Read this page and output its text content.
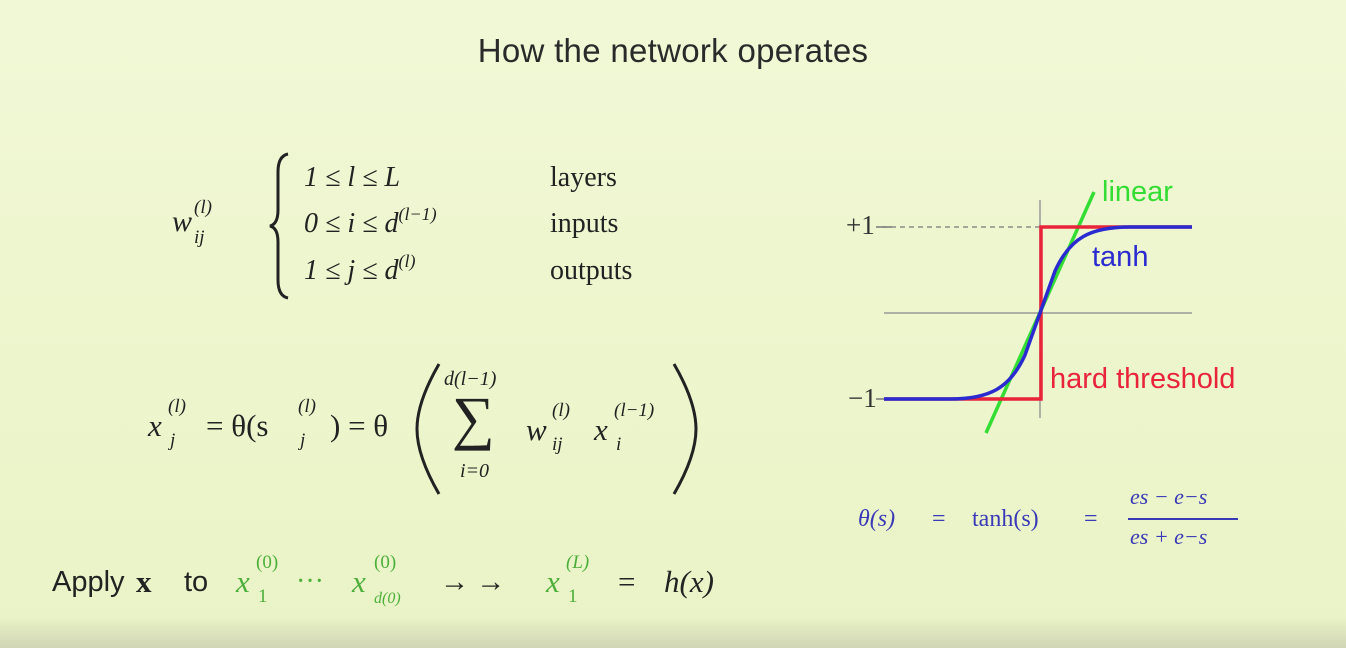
How the network operates
w (l)
ij
1 ≤ l ≤ L	layers
$0 \le i \le d^{(l-1)}$	inputs
$1 \le j \le d^{(l)}$	outputs
x
(l)
j = θ(s
(l)
j ) = θ
d(l−1)
∑
i=0
w
(l)
ij x
(l−1)
i
Apply x to x
(0)
1 ··· x
(0)
d(0)
→ → x
(L)
1 = h(x)
+1
−1
linear
tanh
hard threshold
θ(s) = tanh(s) =
es − e−s
es + e−s
